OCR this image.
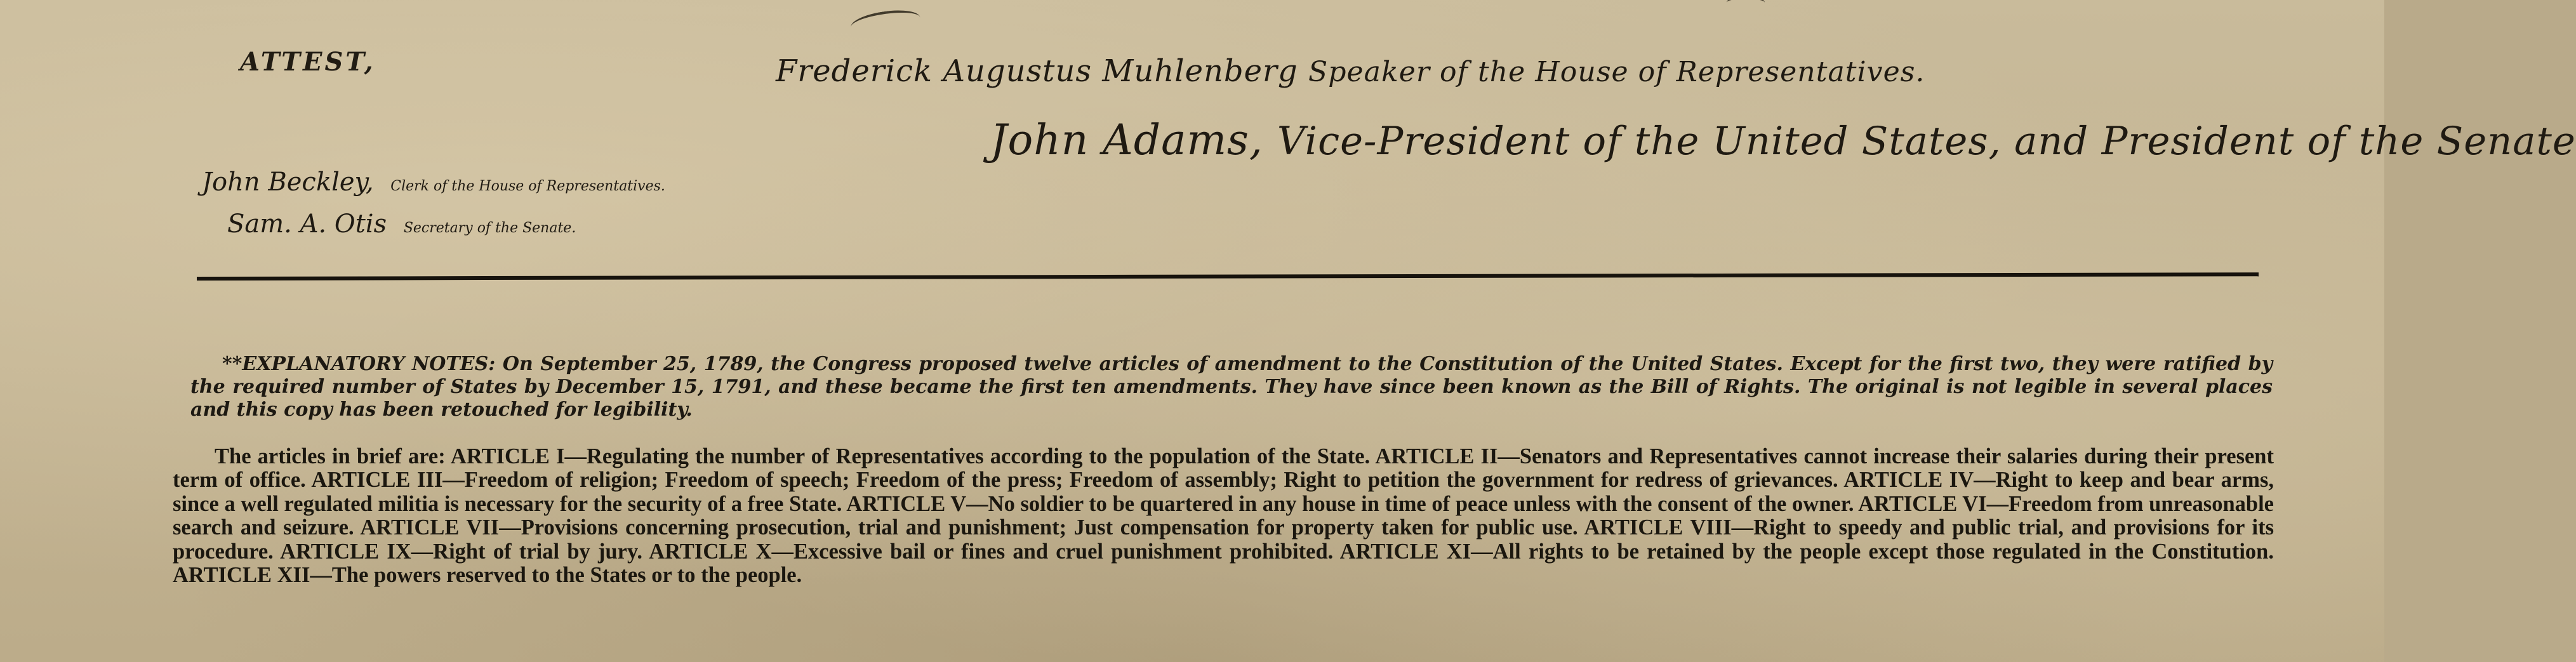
ATTEST,	Frederick Augustus Muhlenberg Speaker of the House of Representatives.
John Adams, Vice-President of the United States, and President of the Senate
John Beckley, Clerk of the House of Representatives.
Sam. A. Otis Secretary of the Senate.

**EXPLANATORY NOTES: On September 25, 1789, the Congress proposed twelve articles of amendment to the Constitution of the United States. Except for the first two, they were ratified by the required number of States by December 15, 1791, and these became the first ten amendments. They have since been known as the Bill of Rights. The original is not legible in several places and this copy has been retouched for legibility.

The articles in brief are: ARTICLE I—Regulating the number of Representatives according to the population of the State. ARTICLE II—Senators and Representatives cannot increase their salaries during their present term of office. ARTICLE III—Freedom of religion; Freedom of speech; Freedom of the press; Freedom of assembly; Right to petition the government for redress of grievances. ARTICLE IV—Right to keep and bear arms, since a well regulated militia is necessary for the security of a free State. ARTICLE V—No soldier to be quartered in any house in time of peace unless with the consent of the owner. ARTICLE VI—Freedom from unreasonable search and seizure. ARTICLE VII—Provisions concerning prosecution, trial and punishment; Just compensation for property taken for public use. ARTICLE VIII—Right to speedy and public trial, and provisions for its procedure. ARTICLE IX—Right of trial by jury. ARTICLE X—Excessive bail or fines and cruel punishment prohibited. ARTICLE XI—All rights to be retained by the people except those regulated in the Constitution. ARTICLE XII—The powers reserved to the States or to the people.
